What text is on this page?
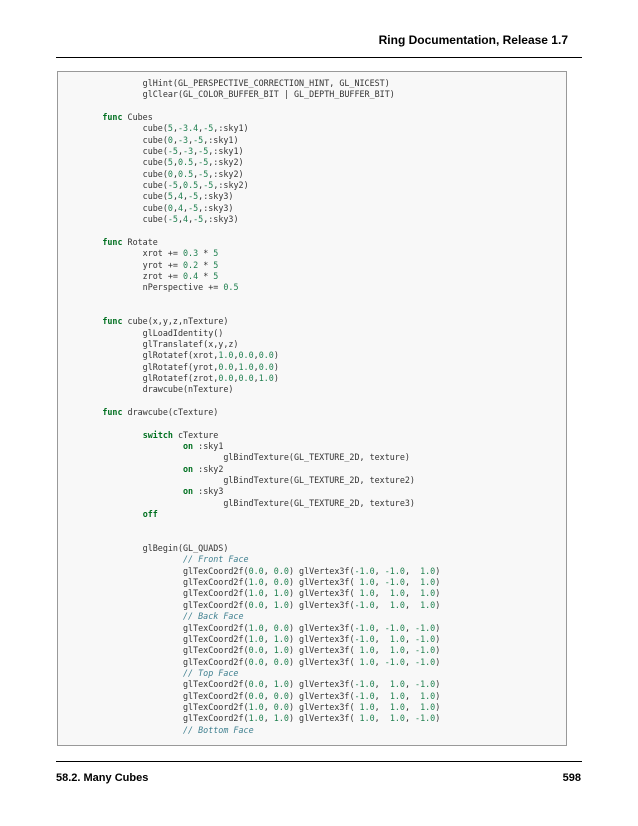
Ring Documentation, Release 1.7
glHint(GL_PERSPECTIVE_CORRECTION_HINT, GL_NICEST)
glClear(GL_COLOR_BUFFER_BIT | GL_DEPTH_BUFFER_BIT)

func Cubes
cube(5,-3.4,-5,:sky1)
cube(0,-3,-5,:sky1)
cube(-5,-3,-5,:sky1)
cube(5,0.5,-5,:sky2)
cube(0,0.5,-5,:sky2)
cube(-5,0.5,-5,:sky2)
cube(5,4,-5,:sky3)
cube(0,4,-5,:sky3)
cube(-5,4,-5,:sky3)

func Rotate
xrot += 0.3 * 5
yrot += 0.2 * 5
zrot += 0.4 * 5
nPerspective += 0.5

func cube(x,y,z,nTexture)
glLoadIdentity()
glTranslatef(x,y,z)
glRotatef(xrot,1.0,0.0,0.0)
glRotatef(yrot,0.0,1.0,0.0)
glRotatef(zrot,0.0,0.0,1.0)
drawcube(nTexture)

func drawcube(cTexture)

switch cTexture
on :sky1
glBindTexture(GL_TEXTURE_2D, texture)
on :sky2
glBindTexture(GL_TEXTURE_2D, texture2)
on :sky3
glBindTexture(GL_TEXTURE_2D, texture3)
off

glBegin(GL_QUADS)
// Front Face
glTexCoord2f(0.0, 0.0) glVertex3f(-1.0, -1.0,  1.0)
glTexCoord2f(1.0, 0.0) glVertex3f( 1.0, -1.0,  1.0)
glTexCoord2f(1.0, 1.0) glVertex3f( 1.0,  1.0,  1.0)
glTexCoord2f(0.0, 1.0) glVertex3f(-1.0,  1.0,  1.0)
// Back Face
glTexCoord2f(1.0, 0.0) glVertex3f(-1.0, -1.0, -1.0)
glTexCoord2f(1.0, 1.0) glVertex3f(-1.0,  1.0, -1.0)
glTexCoord2f(0.0, 1.0) glVertex3f( 1.0,  1.0, -1.0)
glTexCoord2f(0.0, 0.0) glVertex3f( 1.0, -1.0, -1.0)
// Top Face
glTexCoord2f(0.0, 1.0) glVertex3f(-1.0,  1.0, -1.0)
glTexCoord2f(0.0, 0.0) glVertex3f(-1.0,  1.0,  1.0)
glTexCoord2f(1.0, 0.0) glVertex3f( 1.0,  1.0,  1.0)
glTexCoord2f(1.0, 1.0) glVertex3f( 1.0,  1.0, -1.0)
// Bottom Face
58.2. Many Cubes	598
